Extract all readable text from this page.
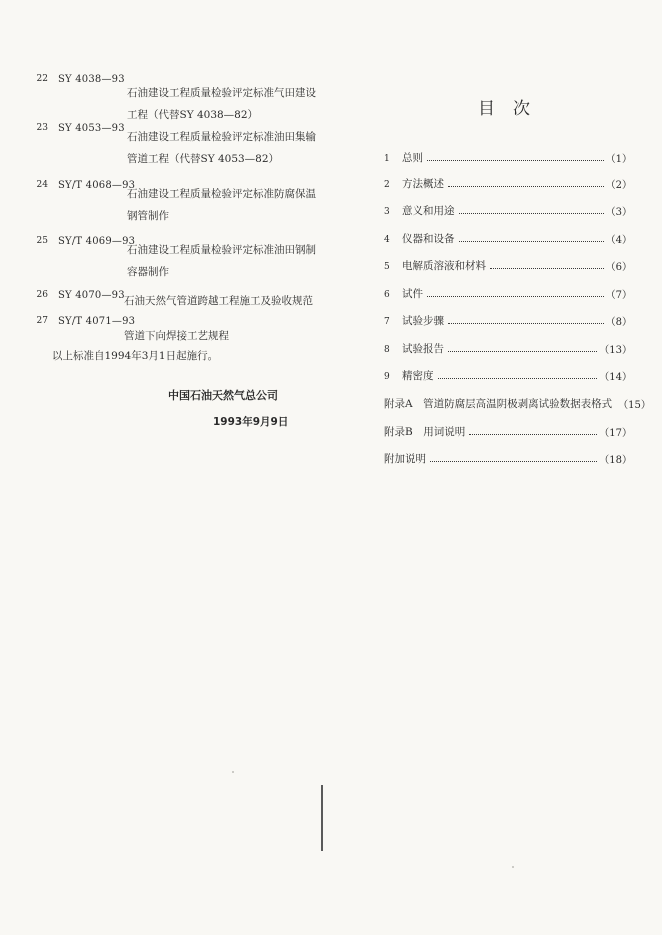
22 SY 4038—93
石油建设工程质量检验评定标准气田建设
工程（代替SY 4038—82）
23 SY 4053—93
石油建设工程质量检验评定标准油田集输
管道工程（代替SY 4053—82）
24 SY/T 4068—93
石油建设工程质量检验评定标准防腐保温
钢管制作
25 SY/T 4069—93
石油建设工程质量检验评定标准油田钢制
容器制作
26 SY 4070—93 石油天然气管道跨越工程施工及验收规范
27 SY/T 4071—93
管道下向焊接工艺规程
以上标准自1994年3月1日起施行。
中国石油天然气总公司
1993年9月9日
目次
1 总则	（1）
2 方法概述	（2）
3 意义和用途	（3）
4 仪器和设备	（4）
5 电解质溶液和材料	（6）
6 试件	（7）
7 试验步骤	（8）
8 试验报告	（13）
9 精密度	（14）
附录A　管道防腐层高温阴极剥离试验数据表格式 （15）
附录B　用词说明	（17）
附加说明	（18）
